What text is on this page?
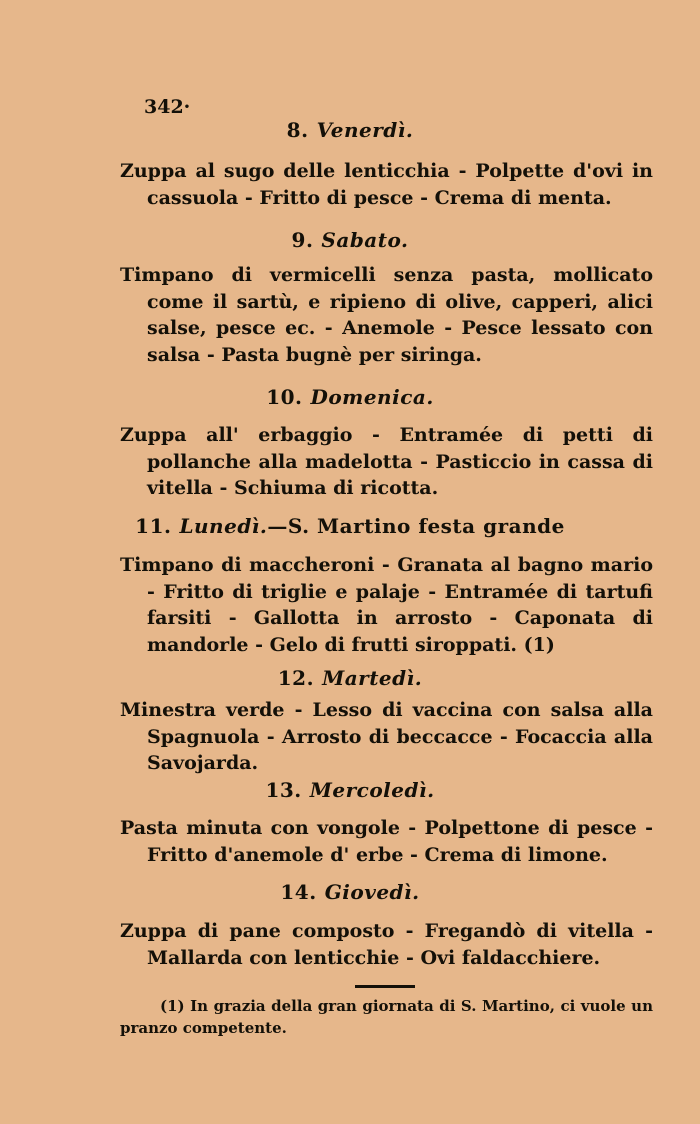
342·
8. Venerdì.

Zuppa al sugo delle lenticchia - Polpette d'ovi in cassuola - Fritto di pesce - Crema di menta.

9. Sabato.

Timpano di vermicelli senza pasta, mollicato come il sartù, e ripieno di olive, capperi, alici salse, pesce ec. - Anemole - Pesce lessato con salsa - Pasta bugnè per siringa.

10. Domenica.

Zuppa all' erbaggio - Entramée di petti di pollanche alla madelotta - Pasticcio in cassa di vitella - Schiuma di ricotta.

11. Lunedì.—S. Martino festa grande

Timpano di maccheroni - Granata al bagno mario - Fritto di triglie e palaje - Entramée di tartufi farsiti - Gallotta in arrosto - Caponata di mandorle - Gelo di frutti siroppati. (1)

12. Martedì.

Minestra verde - Lesso di vaccina con salsa alla Spagnuola - Arrosto di beccacce - Focaccia alla Savojarda.

13. Mercoledì.

Pasta minuta con vongole - Polpettone di pesce - Fritto d'anemole d' erbe - Crema di limone.

14. Giovedì.

Zuppa di pane composto - Fregandò di vitella - Mallarda con lenticchie - Ovi faldacchiere.

(1) In grazia della gran giornata di S. Martino, ci vuole un pranzo competente.
